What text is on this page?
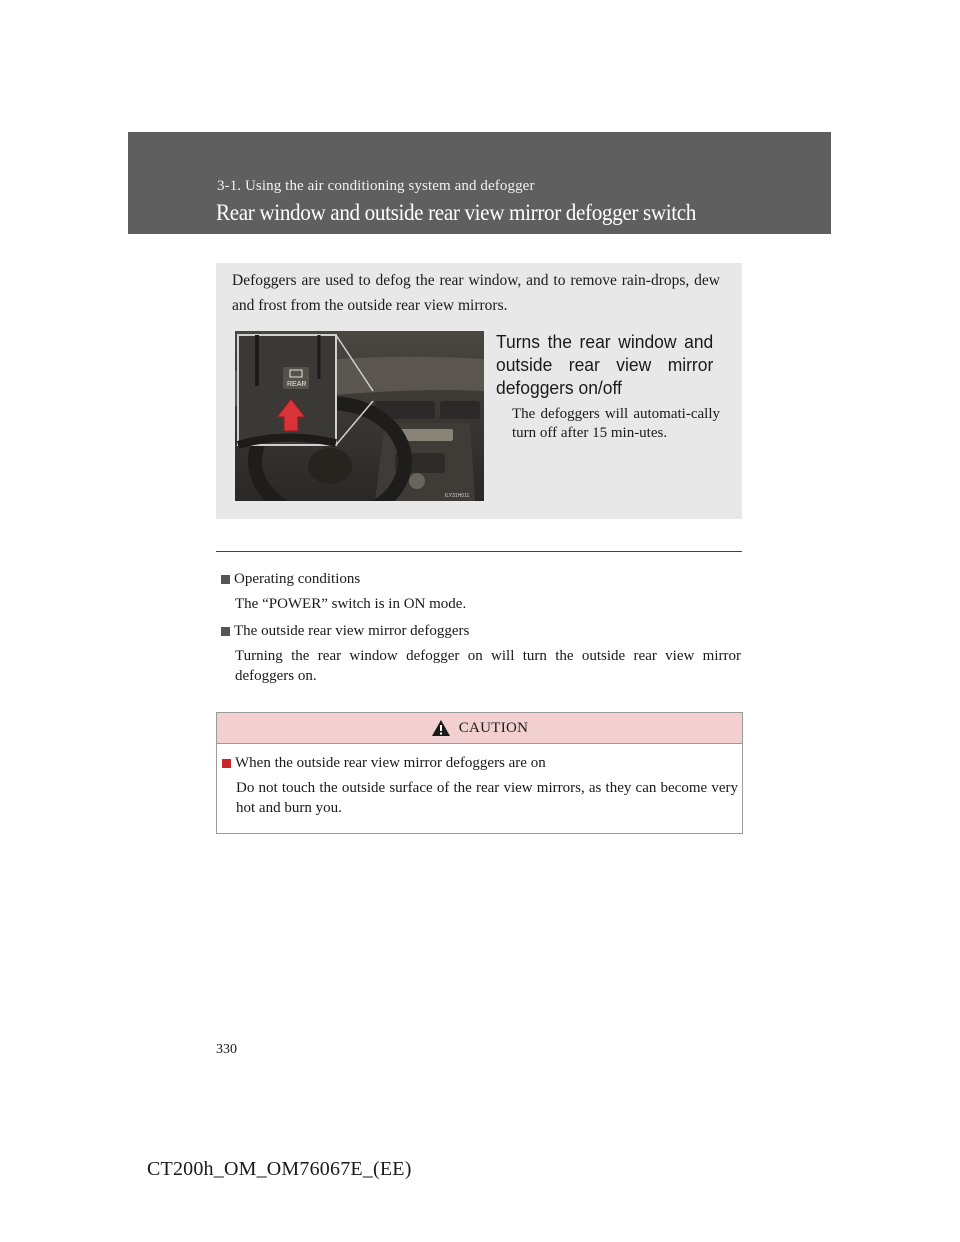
3-1. Using the air conditioning system and defogger
Rear window and outside rear view mirror defogger switch
Defoggers are used to defog the rear window, and to remove rain-drops, dew and frost from the outside rear view mirrors.
REAR
ILY31H011
Turns the rear window and outside rear view mirror defoggers on/off
The defoggers will automati-cally turn off after 15 min-utes.
Operating conditions
The “POWER” switch is in ON mode.
The outside rear view mirror defoggers
Turning the rear window defogger on will turn the outside rear view mirror defoggers on.
CAUTION
When the outside rear view mirror defoggers are on
Do not touch the outside surface of the rear view mirrors, as they can become very hot and burn you.
330
CT200h_OM_OM76067E_(EE)
